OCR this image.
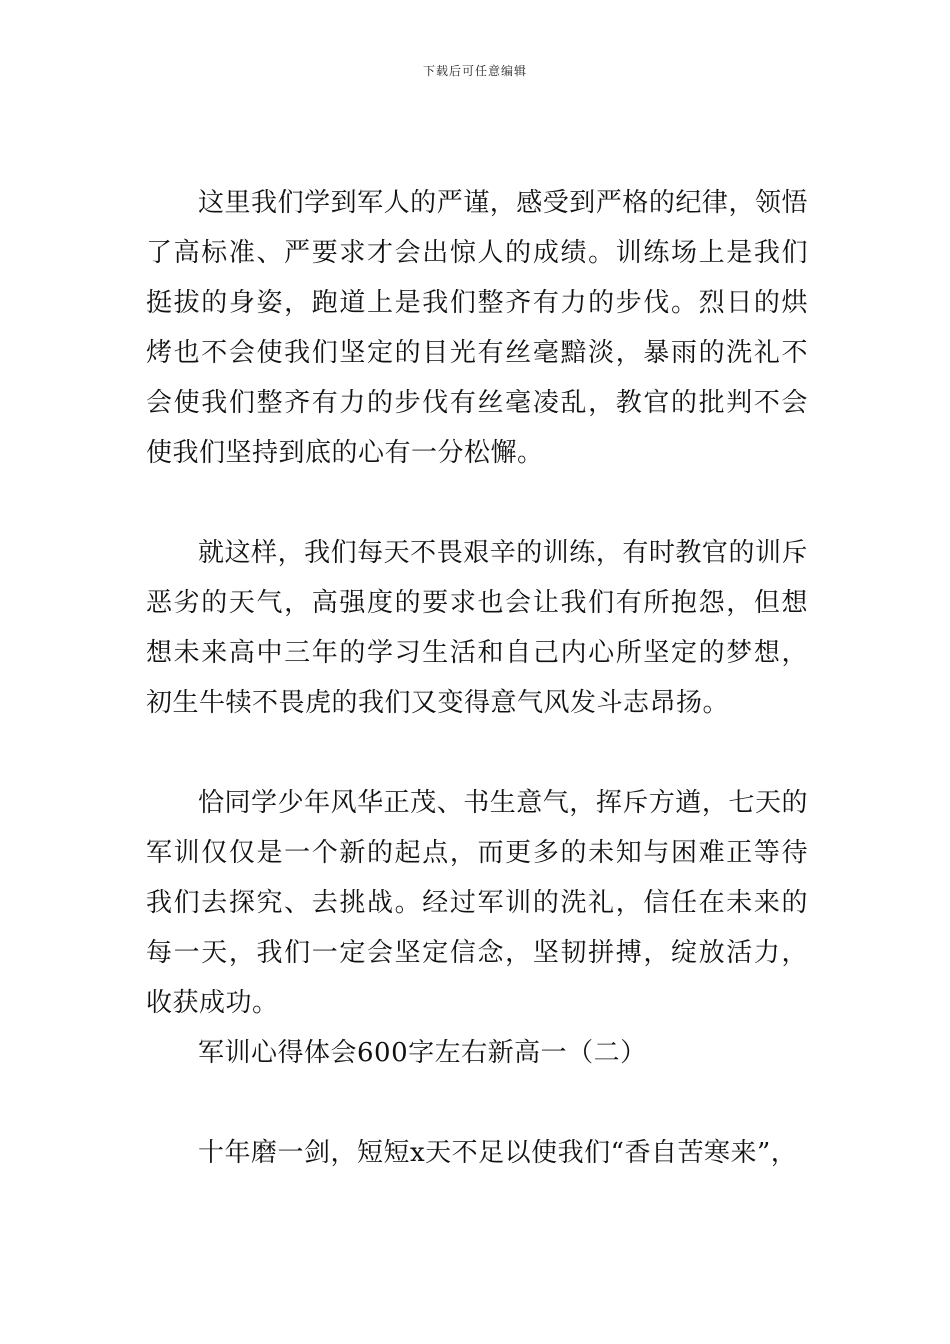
下载后可任意编辑

这里我们学到军人的严谨，感受到严格的纪律，领悟了高标准、严要求才会出惊人的成绩。训练场上是我们挺拔的身姿，跑道上是我们整齐有力的步伐。烈日的烘烤也不会使我们坚定的目光有丝毫黯淡，暴雨的洗礼不会使我们整齐有力的步伐有丝毫凌乱，教官的批判不会使我们坚持到底的心有一分松懈。

就这样，我们每天不畏艰辛的训练，有时教官的训斥恶劣的天气，高强度的要求也会让我们有所抱怨，但想想未来高中三年的学习生活和自己内心所坚定的梦想，初生牛犊不畏虎的我们又变得意气风发斗志昂扬。

恰同学少年风华正茂、书生意气，挥斥方遒，七天的军训仅仅是一个新的起点，而更多的未知与困难正等待我们去探究、去挑战。经过军训的洗礼，信任在未来的每一天，我们一定会坚定信念，坚韧拼搏，绽放活力，收获成功。

军训心得体会600字左右新高一（二）

十年磨一剑，短短x天不足以使我们“香自苦寒来”，
